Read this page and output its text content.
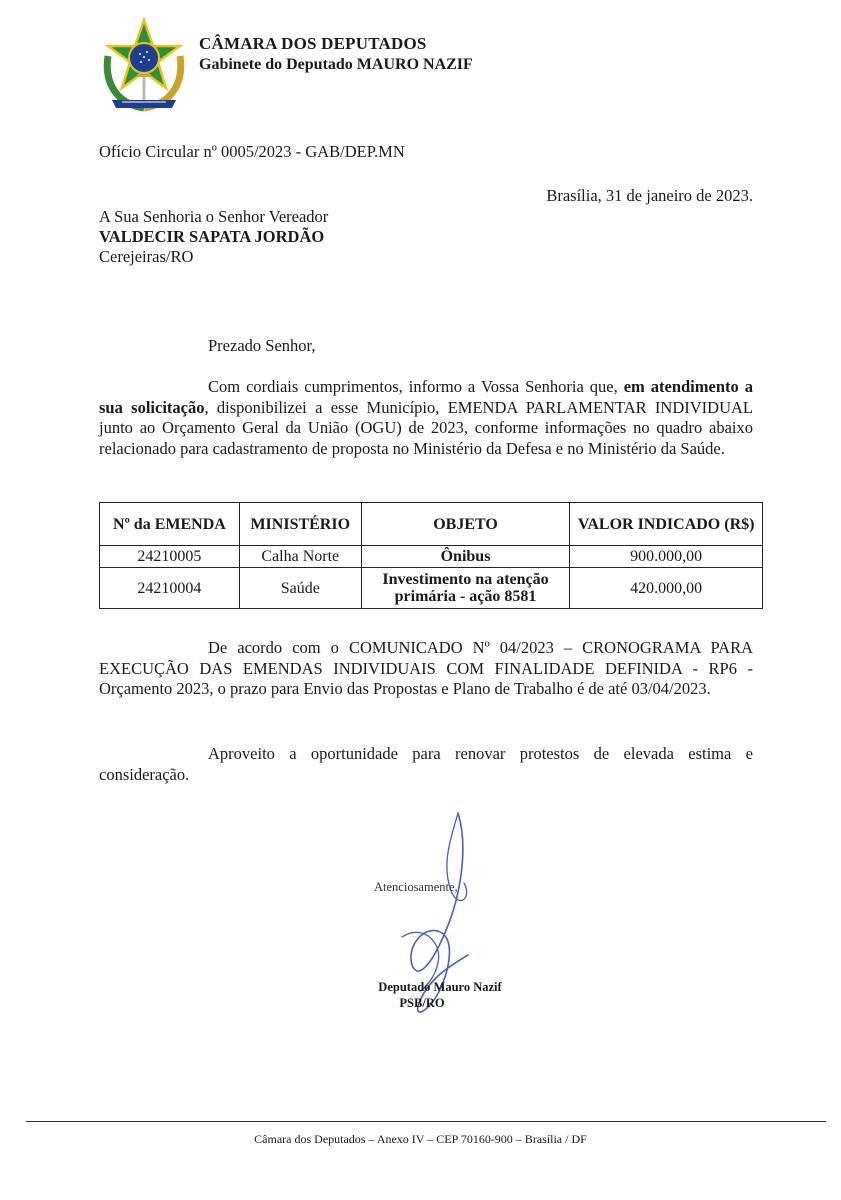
CÂMARA DOS DEPUTADOS
Gabinete do Deputado MAURO NAZIF
Ofício Circular nº 0005/2023 - GAB/DEP.MN
Brasília, 31 de janeiro de 2023.
A Sua Senhoria o Senhor Vereador
VALDECIR SAPATA JORDÃO
Cerejeiras/RO
Prezado Senhor,

Com cordiais cumprimentos, informo a Vossa Senhoria que, em atendimento a sua solicitação, disponibilizei a esse Município, EMENDA PARLAMENTAR INDIVIDUAL junto ao Orçamento Geral da União (OGU) de 2023, conforme informações no quadro abaixo relacionado para cadastramento de proposta no Ministério da Defesa e no Ministério da Saúde.

Nº da EMENDA	MINISTÉRIO	OBJETO	VALOR INDICADO (R$)
24210005	Calha Norte	Ônibus	900.000,00
24210004	Saúde	Investimento na atenção primária - ação 8581	420.000,00

De acordo com o COMUNICADO Nº 04/2023 – CRONOGRAMA PARA EXECUÇÃO DAS EMENDAS INDIVIDUAIS COM FINALIDADE DEFINIDA - RP6 - Orçamento 2023, o prazo para Envio das Propostas e Plano de Trabalho é de até 03/04/2023.

Aproveito a oportunidade para renovar protestos de elevada estima e consideração.

Atenciosamente,
Deputado Mauro Nazif
PSB/RO
Câmara dos Deputados – Anexo IV – CEP 70160-900 – Brasília / DF
